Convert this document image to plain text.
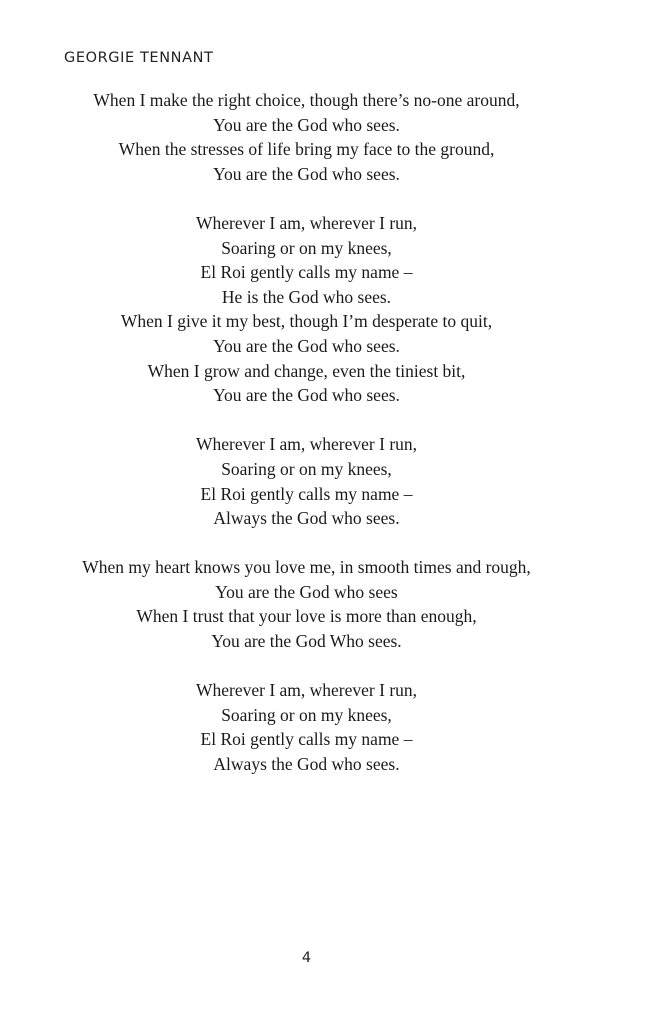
GEORGIE TENNANT
When I make the right choice, though there’s no-one around,
You are the God who sees.
When the stresses of life bring my face to the ground,
You are the God who sees.
Wherever I am, wherever I run,
Soaring or on my knees,
El Roi gently calls my name –
He is the God who sees.
When I give it my best, though I’m desperate to quit,
You are the God who sees.
When I grow and change, even the tiniest bit,
You are the God who sees.
Wherever I am, wherever I run,
Soaring or on my knees,
El Roi gently calls my name –
Always the God who sees.
When my heart knows you love me, in smooth times and rough,
You are the God who sees
When I trust that your love is more than enough,
You are the God Who sees.
Wherever I am, wherever I run,
Soaring or on my knees,
El Roi gently calls my name –
Always the God who sees.
4
